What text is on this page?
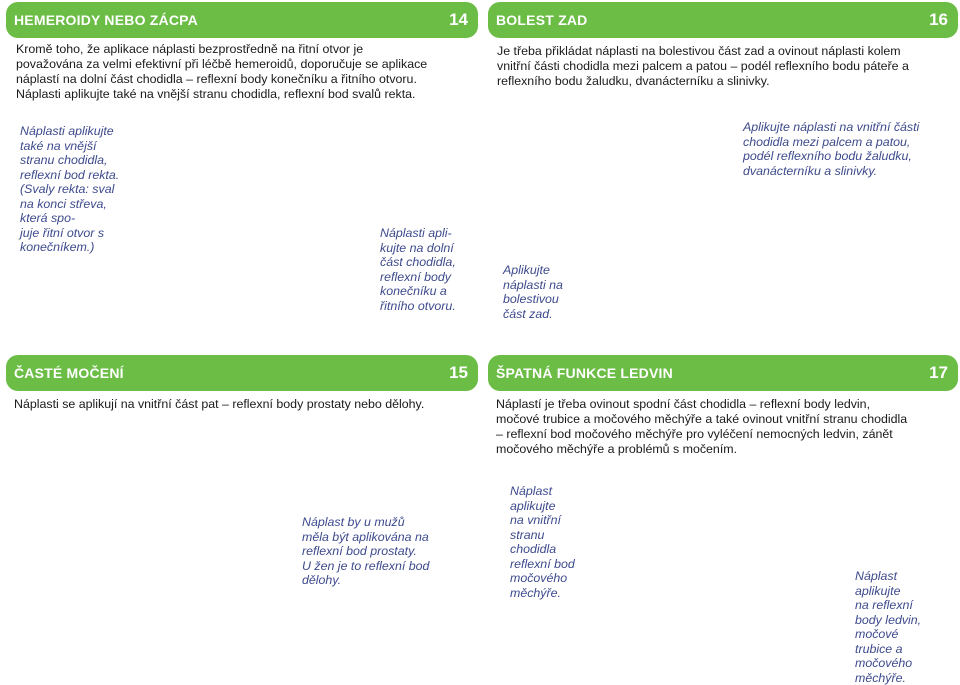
HEMEROIDY NEBO ZÁCPA	14
Kromě toho, že aplikace náplasti bezprostředně na řitní otvor je
považována za velmi efektivní při léčbě hemeroidů, doporučuje se aplikace
náplastí na dolní část chodidla – reflexní body konečníku a řitního otvoru.
Náplasti aplikujte také na vnější stranu chodidla, reflexní bod svalů rekta.
Náplasti aplikujte
také na vnější
stranu chodidla,
reflexní bod rekta.
(Svaly rekta: sval
na konci střeva,
která spo-
juje řitní otvor s
konečníkem.)
Náplasti apli-
kujte na dolní
část chodidla,
reflexní body
konečníku a
řitního otvoru.
BOLEST ZAD	16
Je třeba přikládat náplasti na bolestivou část zad a ovinout náplasti kolem
vnitřní části chodidla mezi palcem a patou – podél reflexního bodu páteře a
reflexního bodu žaludku, dvanácterníku a slinivky.
Aplikujte
náplasti na
bolestivou
část zad.
Aplikujte náplasti na vnitřní části
chodidla mezi palcem a patou,
podél reflexního bodu žaludku,
dvanácterníku a slinivky.
ČASTÉ MOČENÍ	15
Náplasti se aplikují na vnitřní část pat – reflexní body prostaty nebo dělohy.
Náplast by u mužů
měla být aplikována na
reflexní bod prostaty.
U žen je to reflexní bod
dělohy.
ŠPATNÁ FUNKCE LEDVIN	17
Náplastí je třeba ovinout spodní část chodidla – reflexní body ledvin,
močové trubice a močového měchýře a také ovinout vnitřní stranu chodidla
– reflexní bod močového měchýře pro vyléčení nemocných ledvin, zánět
močového měchýře a problémů s močením.
Náplast
aplikujte
na vnitřní
stranu
chodidla
reflexní bod
močového
měchýře.
Náplast
aplikujte
na reflexní
body ledvin,
močové
trubice a
močového
měchýře.
